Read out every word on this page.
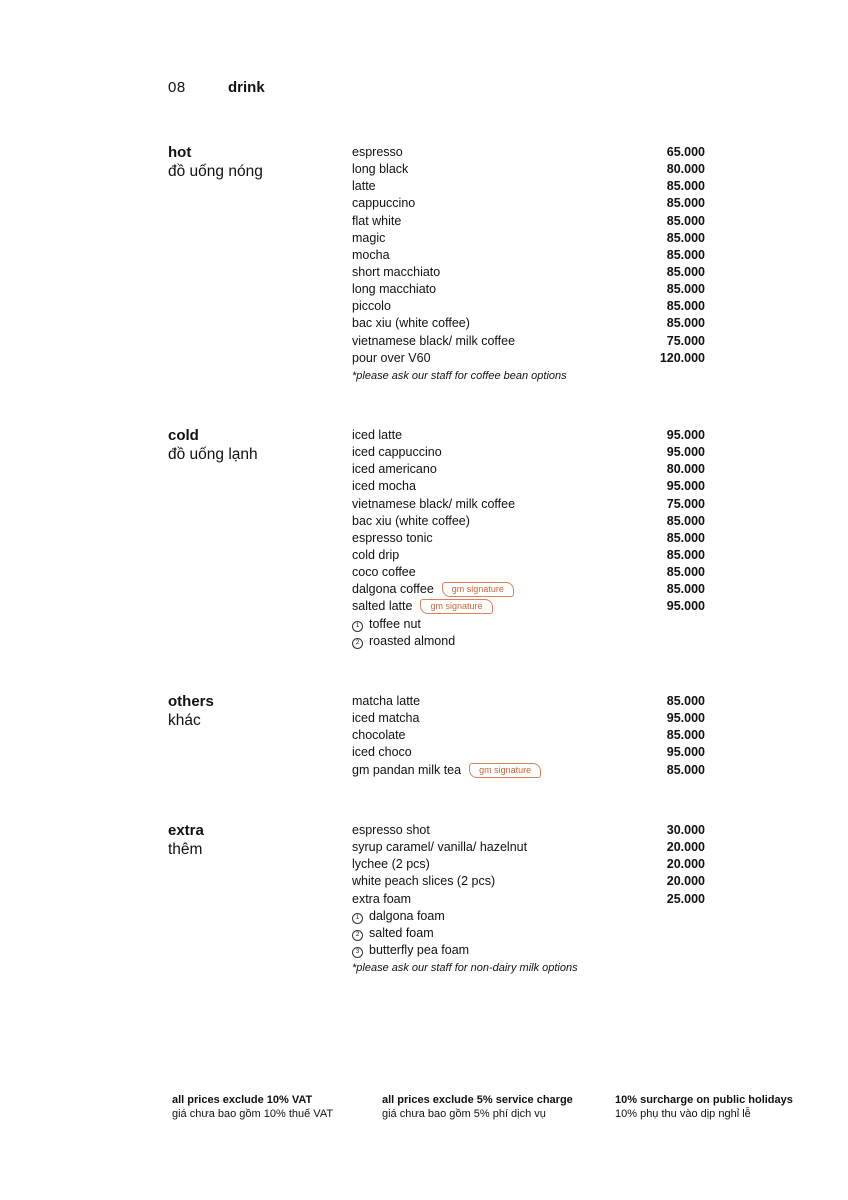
08	drink
hot
đồ uống nóng
espresso	65.000
long black	80.000
latte	85.000
cappuccino	85.000
flat white	85.000
magic	85.000
mocha	85.000
short macchiato	85.000
long macchiato	85.000
piccolo	85.000
bac xiu (white coffee)	85.000
vietnamese black/ milk coffee	75.000
pour over V60	120.000
*please ask our staff for coffee bean options
cold
đồ uống lạnh
iced latte	95.000
iced cappuccino	95.000
iced americano	80.000
iced mocha	95.000
vietnamese black/ milk coffee	75.000
bac xiu (white coffee)	85.000
espresso tonic	85.000
cold drip	85.000
coco coffee	85.000
dalgona coffee gm signature	85.000
salted latte gm signature	95.000
1 toffee nut
2 roasted almond
others
khác
matcha latte	85.000
iced matcha	95.000
chocolate	85.000
iced choco	95.000
gm pandan milk tea gm signature	85.000
extra
thêm
espresso shot	30.000
syrup caramel/ vanilla/ hazelnut	20.000
lychee (2 pcs)	20.000
white peach slices (2 pcs)	20.000
extra foam	25.000
1 dalgona foam
2 salted foam
3 butterfly pea foam
*please ask our staff for non-dairy milk options
all prices exclude 10% VAT
giá chưa bao gồm 10% thuế VAT
all prices exclude 5% service charge
giá chưa bao gồm 5% phí dịch vụ
10% surcharge on public holidays
10% phụ thu vào dịp nghỉ lễ
